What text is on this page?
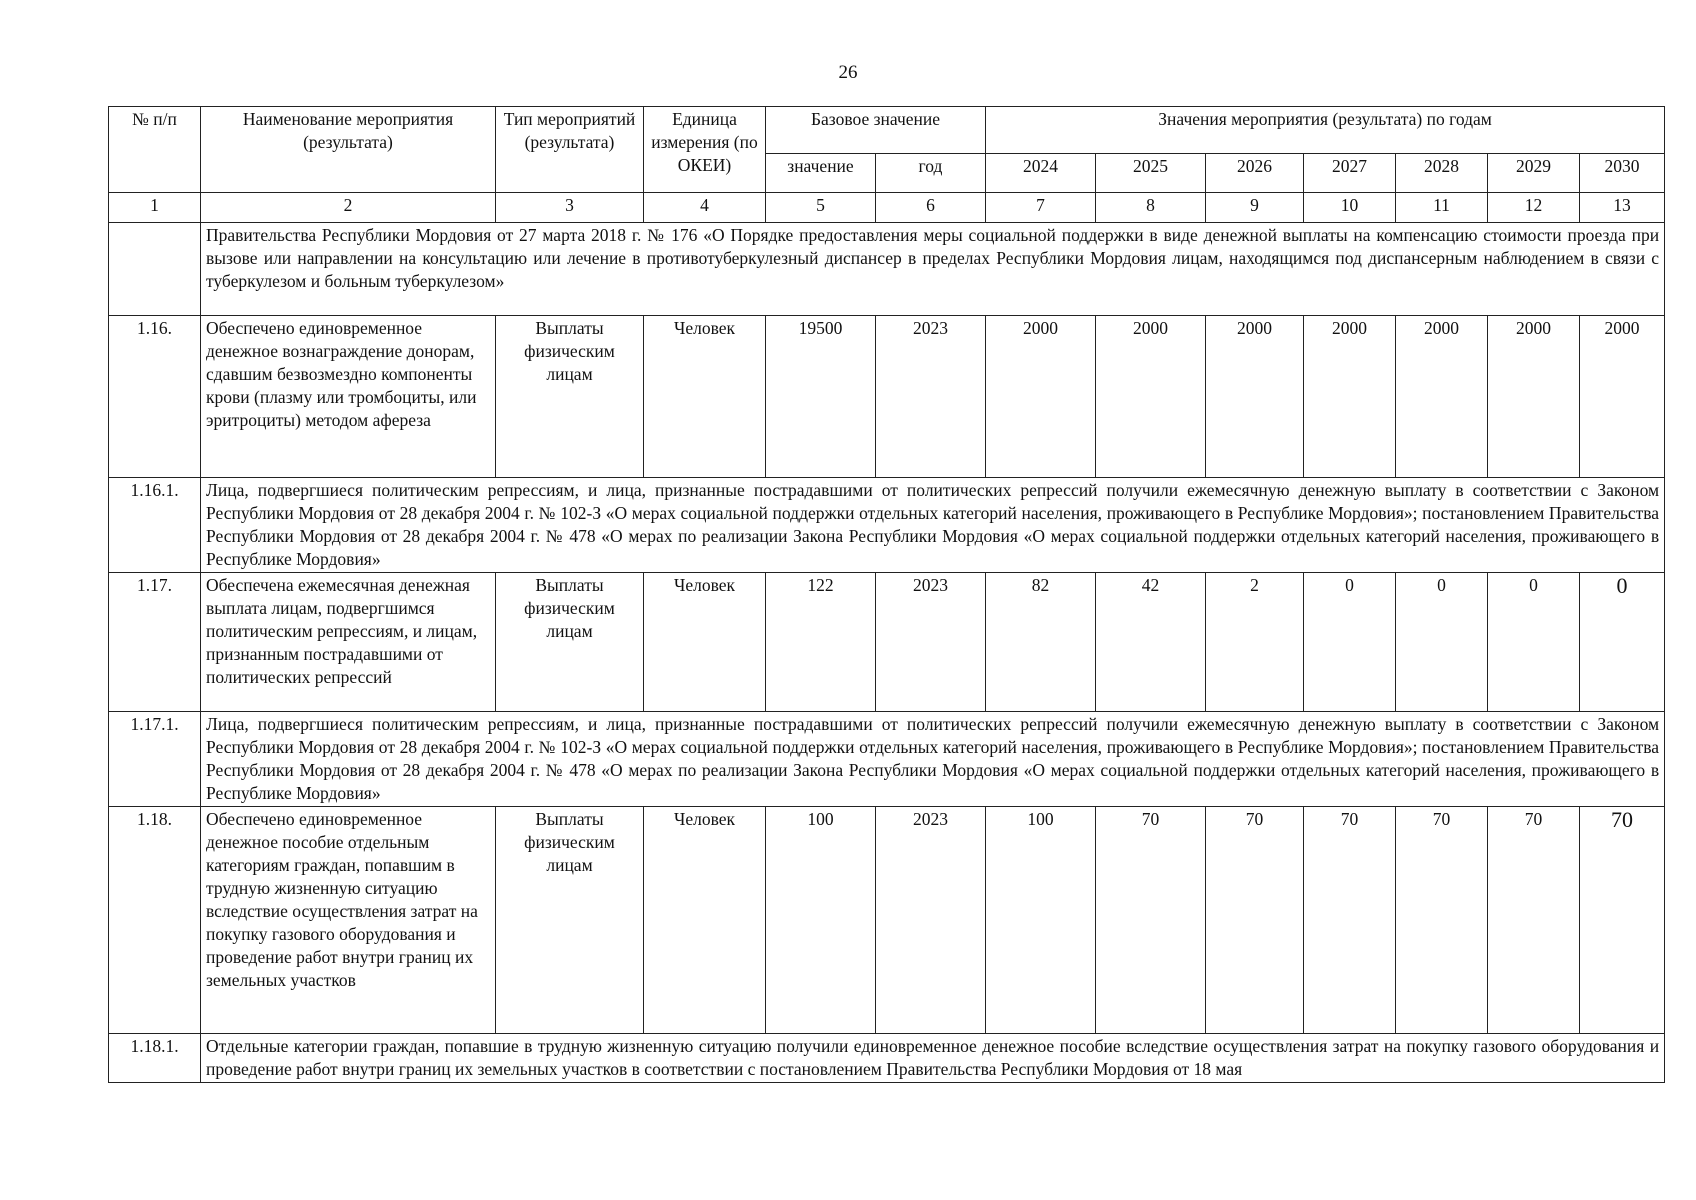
26
№ п/п	Наименование мероприятия (результата)	Тип мероприятий (результата)	Единица измерения (по ОКЕИ)	Базовое значение		Значения мероприятия (результата) по годам						
				значение	год	2024	2025	2026	2027	2028	2029	2030
1	2	3	4	5	6	7	8	9	10	11	12	13
	Правительства Республики Мордовия от 27 марта 2018 г. № 176 «О Порядке предоставления меры социальной поддержки в виде денежной выплаты на компенсацию стоимости проезда при вызове или направлении на консультацию или лечение в противотуберкулезный диспансер в пределах Республики Мордовия лицам, находящимся под диспансерным наблюдением в связи с туберкулезом и больным туберкулезом»											
1.16.	Обеспечено единовременное денежное вознаграждение донорам, сдавшим безвозмездно компоненты крови (плазму или тромбоциты, или эритроциты) методом афереза	Выплаты физическим лицам	Человек	19500	2023	2000	2000	2000	2000	2000	2000	2000
1.16.1.	Лица, подвергшиеся политическим репрессиям, и лица, признанные пострадавшими от политических репрессий получили ежемесячную денежную выплату в соответствии с Законом Республики Мордовия от 28 декабря 2004 г. № 102-З «О мерах социальной поддержки отдельных категорий населения, проживающего в Республике Мордовия»; постановлением Правительства Республики Мордовия от 28 декабря 2004 г. № 478 «О мерах по реализации Закона Республики Мордовия «О мерах социальной поддержки отдельных категорий населения, проживающего в Республике Мордовия»											
1.17.	Обеспечена ежемесячная денежная выплата лицам, подвергшимся политическим репрессиям, и лицам, признанным пострадавшими от политических репрессий	Выплаты физическим лицам	Человек	122	2023	82	42	2	0	0	0	0
1.17.1.	Лица, подвергшиеся политическим репрессиям, и лица, признанные пострадавшими от политических репрессий получили ежемесячную денежную выплату в соответствии с Законом Республики Мордовия от 28 декабря 2004 г. № 102-З «О мерах социальной поддержки отдельных категорий населения, проживающего в Республике Мордовия»; постановлением Правительства Республики Мордовия от 28 декабря 2004 г. № 478 «О мерах по реализации Закона Республики Мордовия «О мерах социальной поддержки отдельных категорий населения, проживающего в Республике Мордовия»											
1.18.	Обеспечено единовременное денежное пособие отдельным категориям граждан, попавшим в трудную жизненную ситуацию вследствие осуществления затрат на покупку газового оборудования и проведение работ внутри границ их земельных участков	Выплаты физическим лицам	Человек	100	2023	100	70	70	70	70	70	70
1.18.1.	Отдельные категории граждан, попавшие в трудную жизненную ситуацию получили единовременное денежное пособие вследствие осуществления затрат на покупку газового оборудования и проведение работ внутри границ их земельных участков в соответствии с постановлением Правительства Республики Мордовия от 18 мая											
